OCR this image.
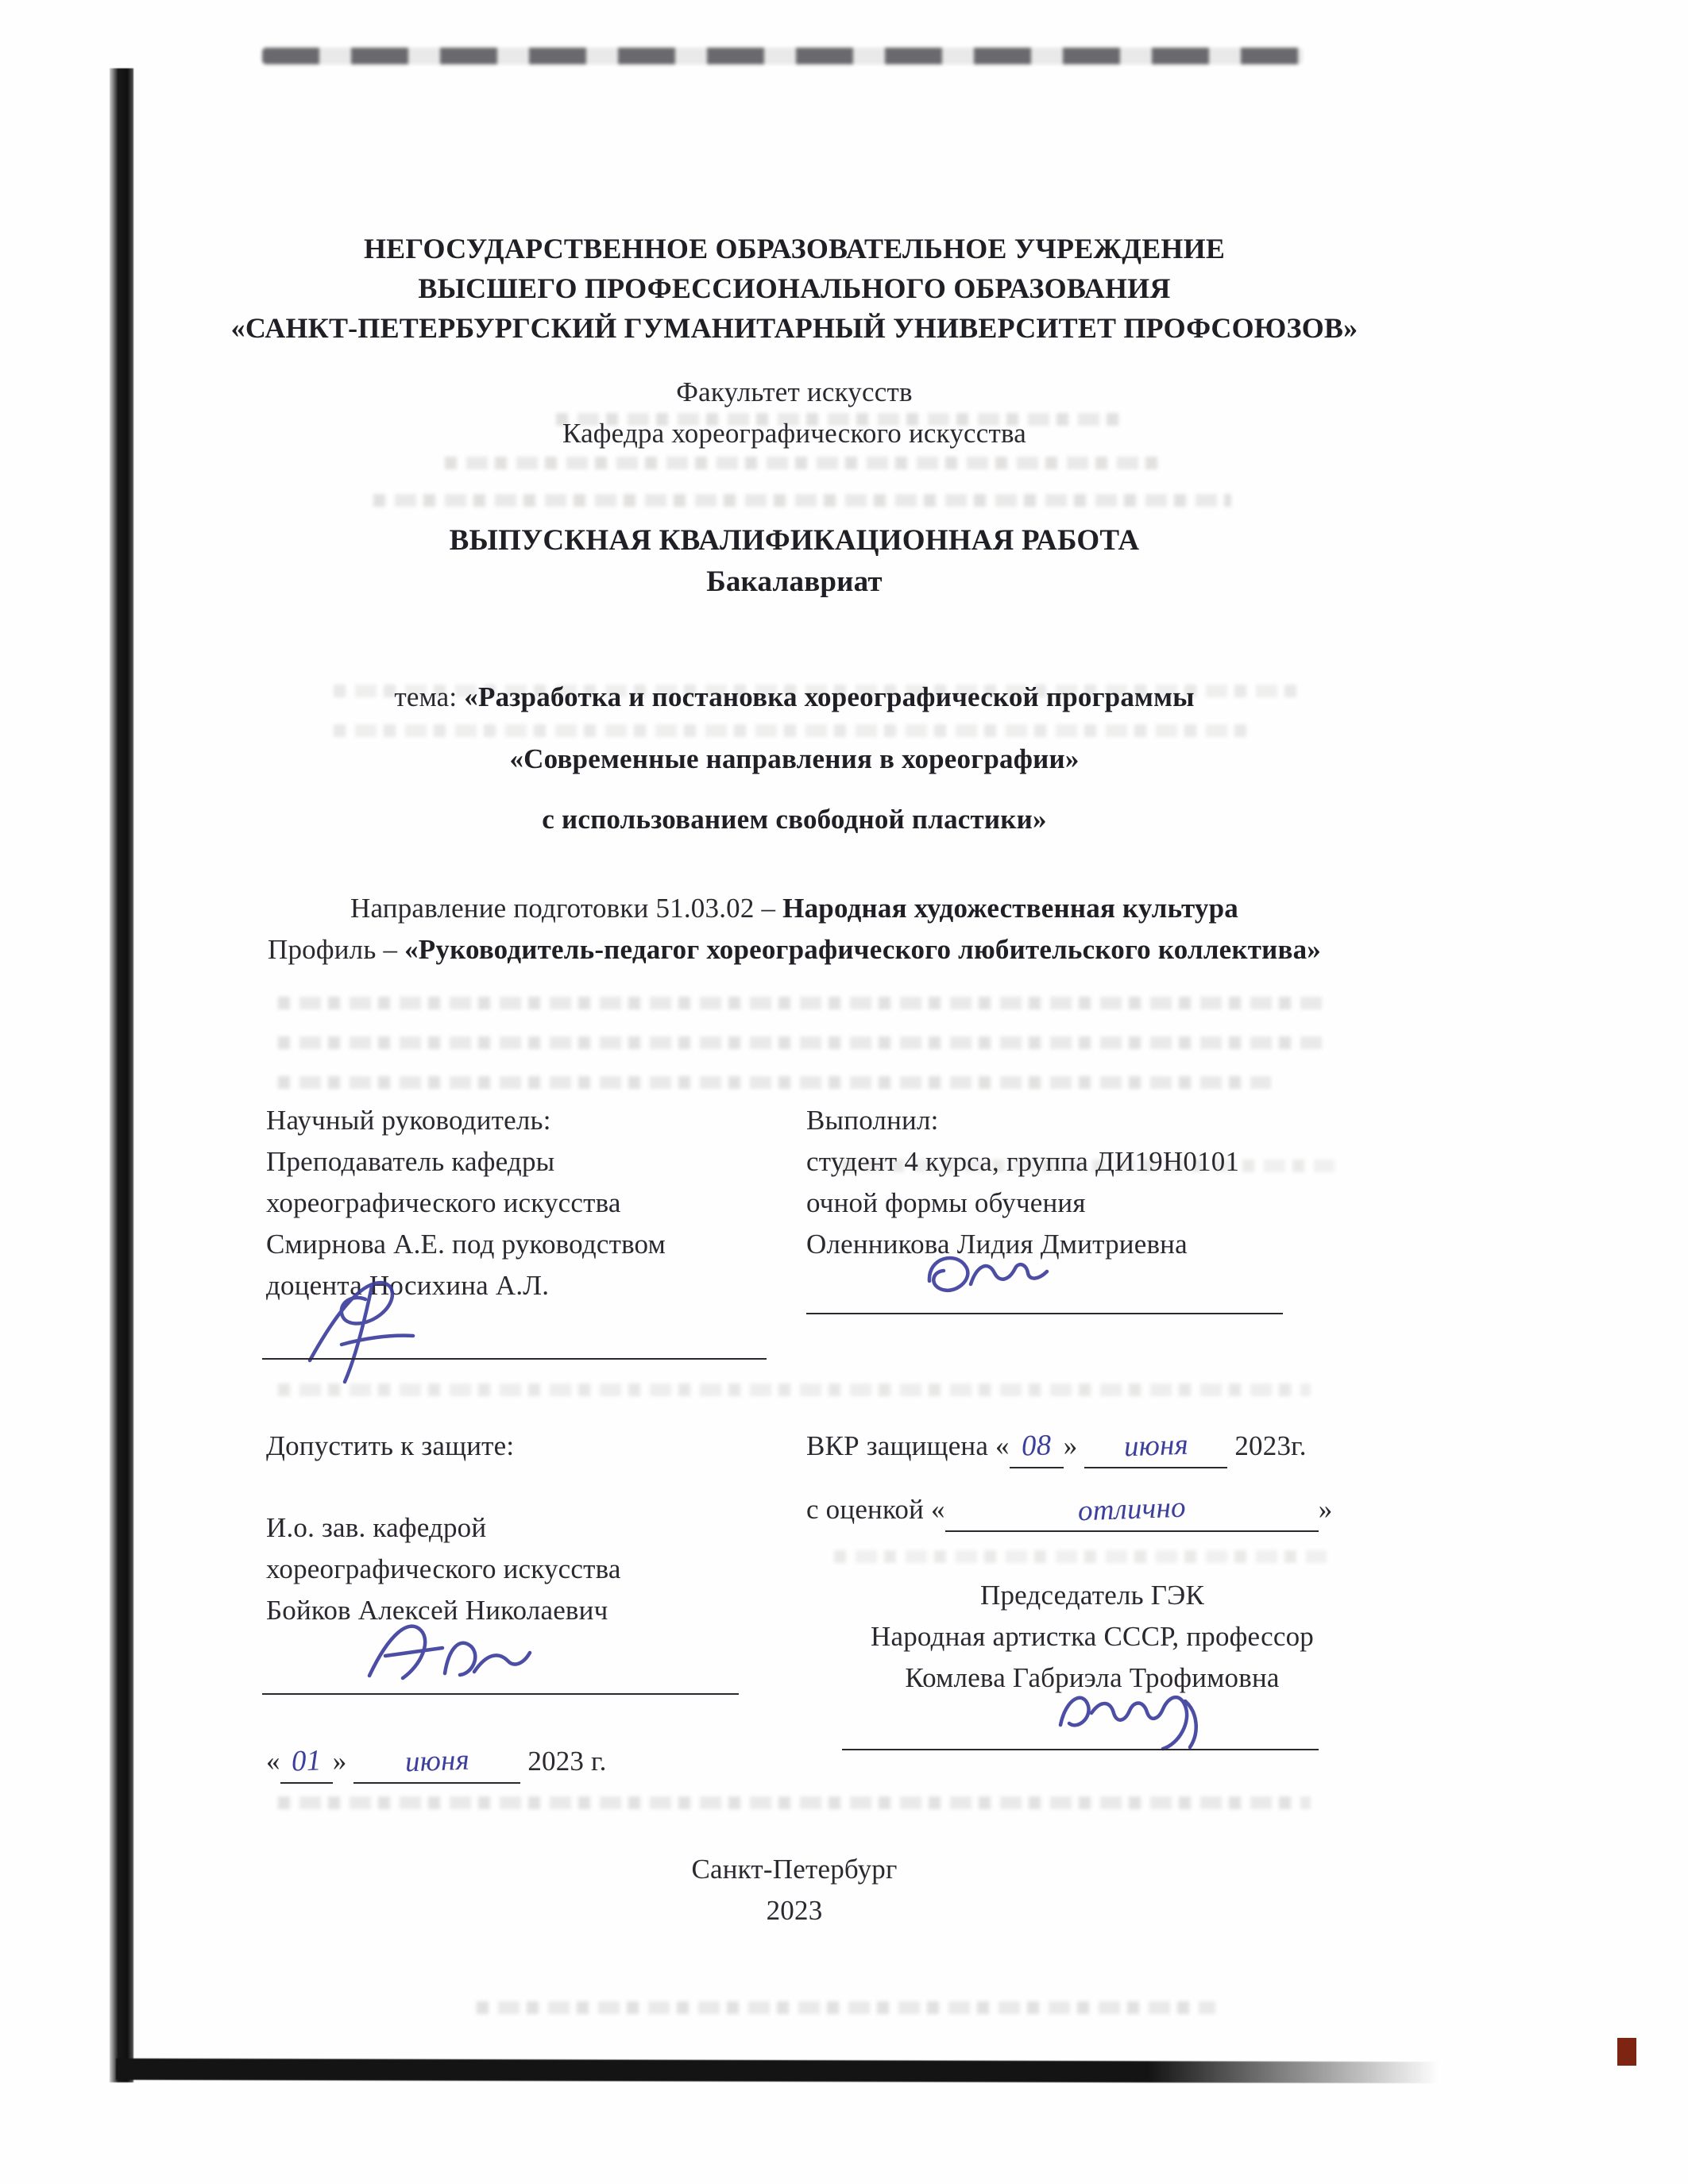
НЕГОСУДАРСТВЕННОЕ ОБРАЗОВАТЕЛЬНОЕ УЧРЕЖДЕНИЕ
ВЫСШЕГО ПРОФЕССИОНАЛЬНОГО ОБРАЗОВАНИЯ
«САНКТ-ПЕТЕРБУРГСКИЙ ГУМАНИТАРНЫЙ УНИВЕРСИТЕТ ПРОФСОЮЗОВ»
Факультет искусств
Кафедра хореографического искусства
ВЫПУСКНАЯ КВАЛИФИКАЦИОННАЯ РАБОТА
Бакалавриат
тема: «Разработка и постановка хореографической программы
«Современные направления в хореографии»
с использованием свободной пластики»
Направление подготовки 51.03.02 – Народная художественная культура
Профиль – «Руководитель-педагог хореографического любительского коллектива»
Научный руководитель:
Преподаватель кафедры
хореографического искусства
Смирнова А.Е. под руководством
доцента Носихина А.Л.
Выполнил:
студент 4 курса, группа ДИ19Н0101
очной формы обучения
Оленникова Лидия Дмитриевна
Допустить к защите:	ВКР защищена « 08 » июня 2023г.
с оценкой «	отлично	»
И.о. зав. кафедрой
хореографического искусства
Бойков Алексей Николаевич	Председатель ГЭК
Народная артистка СССР, профессор
Комлева Габриэла Трофимовна
« 01 » июня 2023 г.
Санкт-Петербург
2023
